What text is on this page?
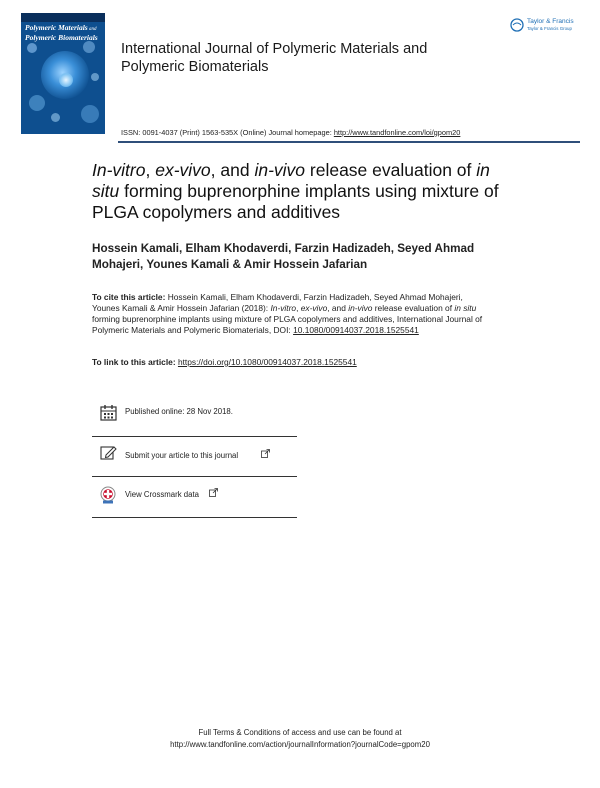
Polymeric Materials and
Polymeric Biomaterials
Taylor & Francis
Taylor & Francis Group
International Journal of Polymeric Materials and Polymeric Biomaterials
ISSN: 0091-4037 (Print) 1563-535X (Online) Journal homepage: http://www.tandfonline.com/loi/gpom20
In-vitro, ex-vivo, and in-vivo release evaluation of in situ forming buprenorphine implants using mixture of PLGA copolymers and additives
Hossein Kamali, Elham Khodaverdi, Farzin Hadizadeh, Seyed Ahmad Mohajeri, Younes Kamali & Amir Hossein Jafarian
To cite this article: Hossein Kamali, Elham Khodaverdi, Farzin Hadizadeh, Seyed Ahmad Mohajeri, Younes Kamali & Amir Hossein Jafarian (2018): In-vitro, ex-vivo, and in-vivo release evaluation of in situ forming buprenorphine implants using mixture of PLGA copolymers and additives, International Journal of Polymeric Materials and Polymeric Biomaterials, DOI: 10.1080/00914037.2018.1525541
To link to this article: https://doi.org/10.1080/00914037.2018.1525541
Published online: 28 Nov 2018.
Submit your article to this journal
View Crossmark data
Full Terms & Conditions of access and use can be found at
http://www.tandfonline.com/action/journalInformation?journalCode=gpom20
